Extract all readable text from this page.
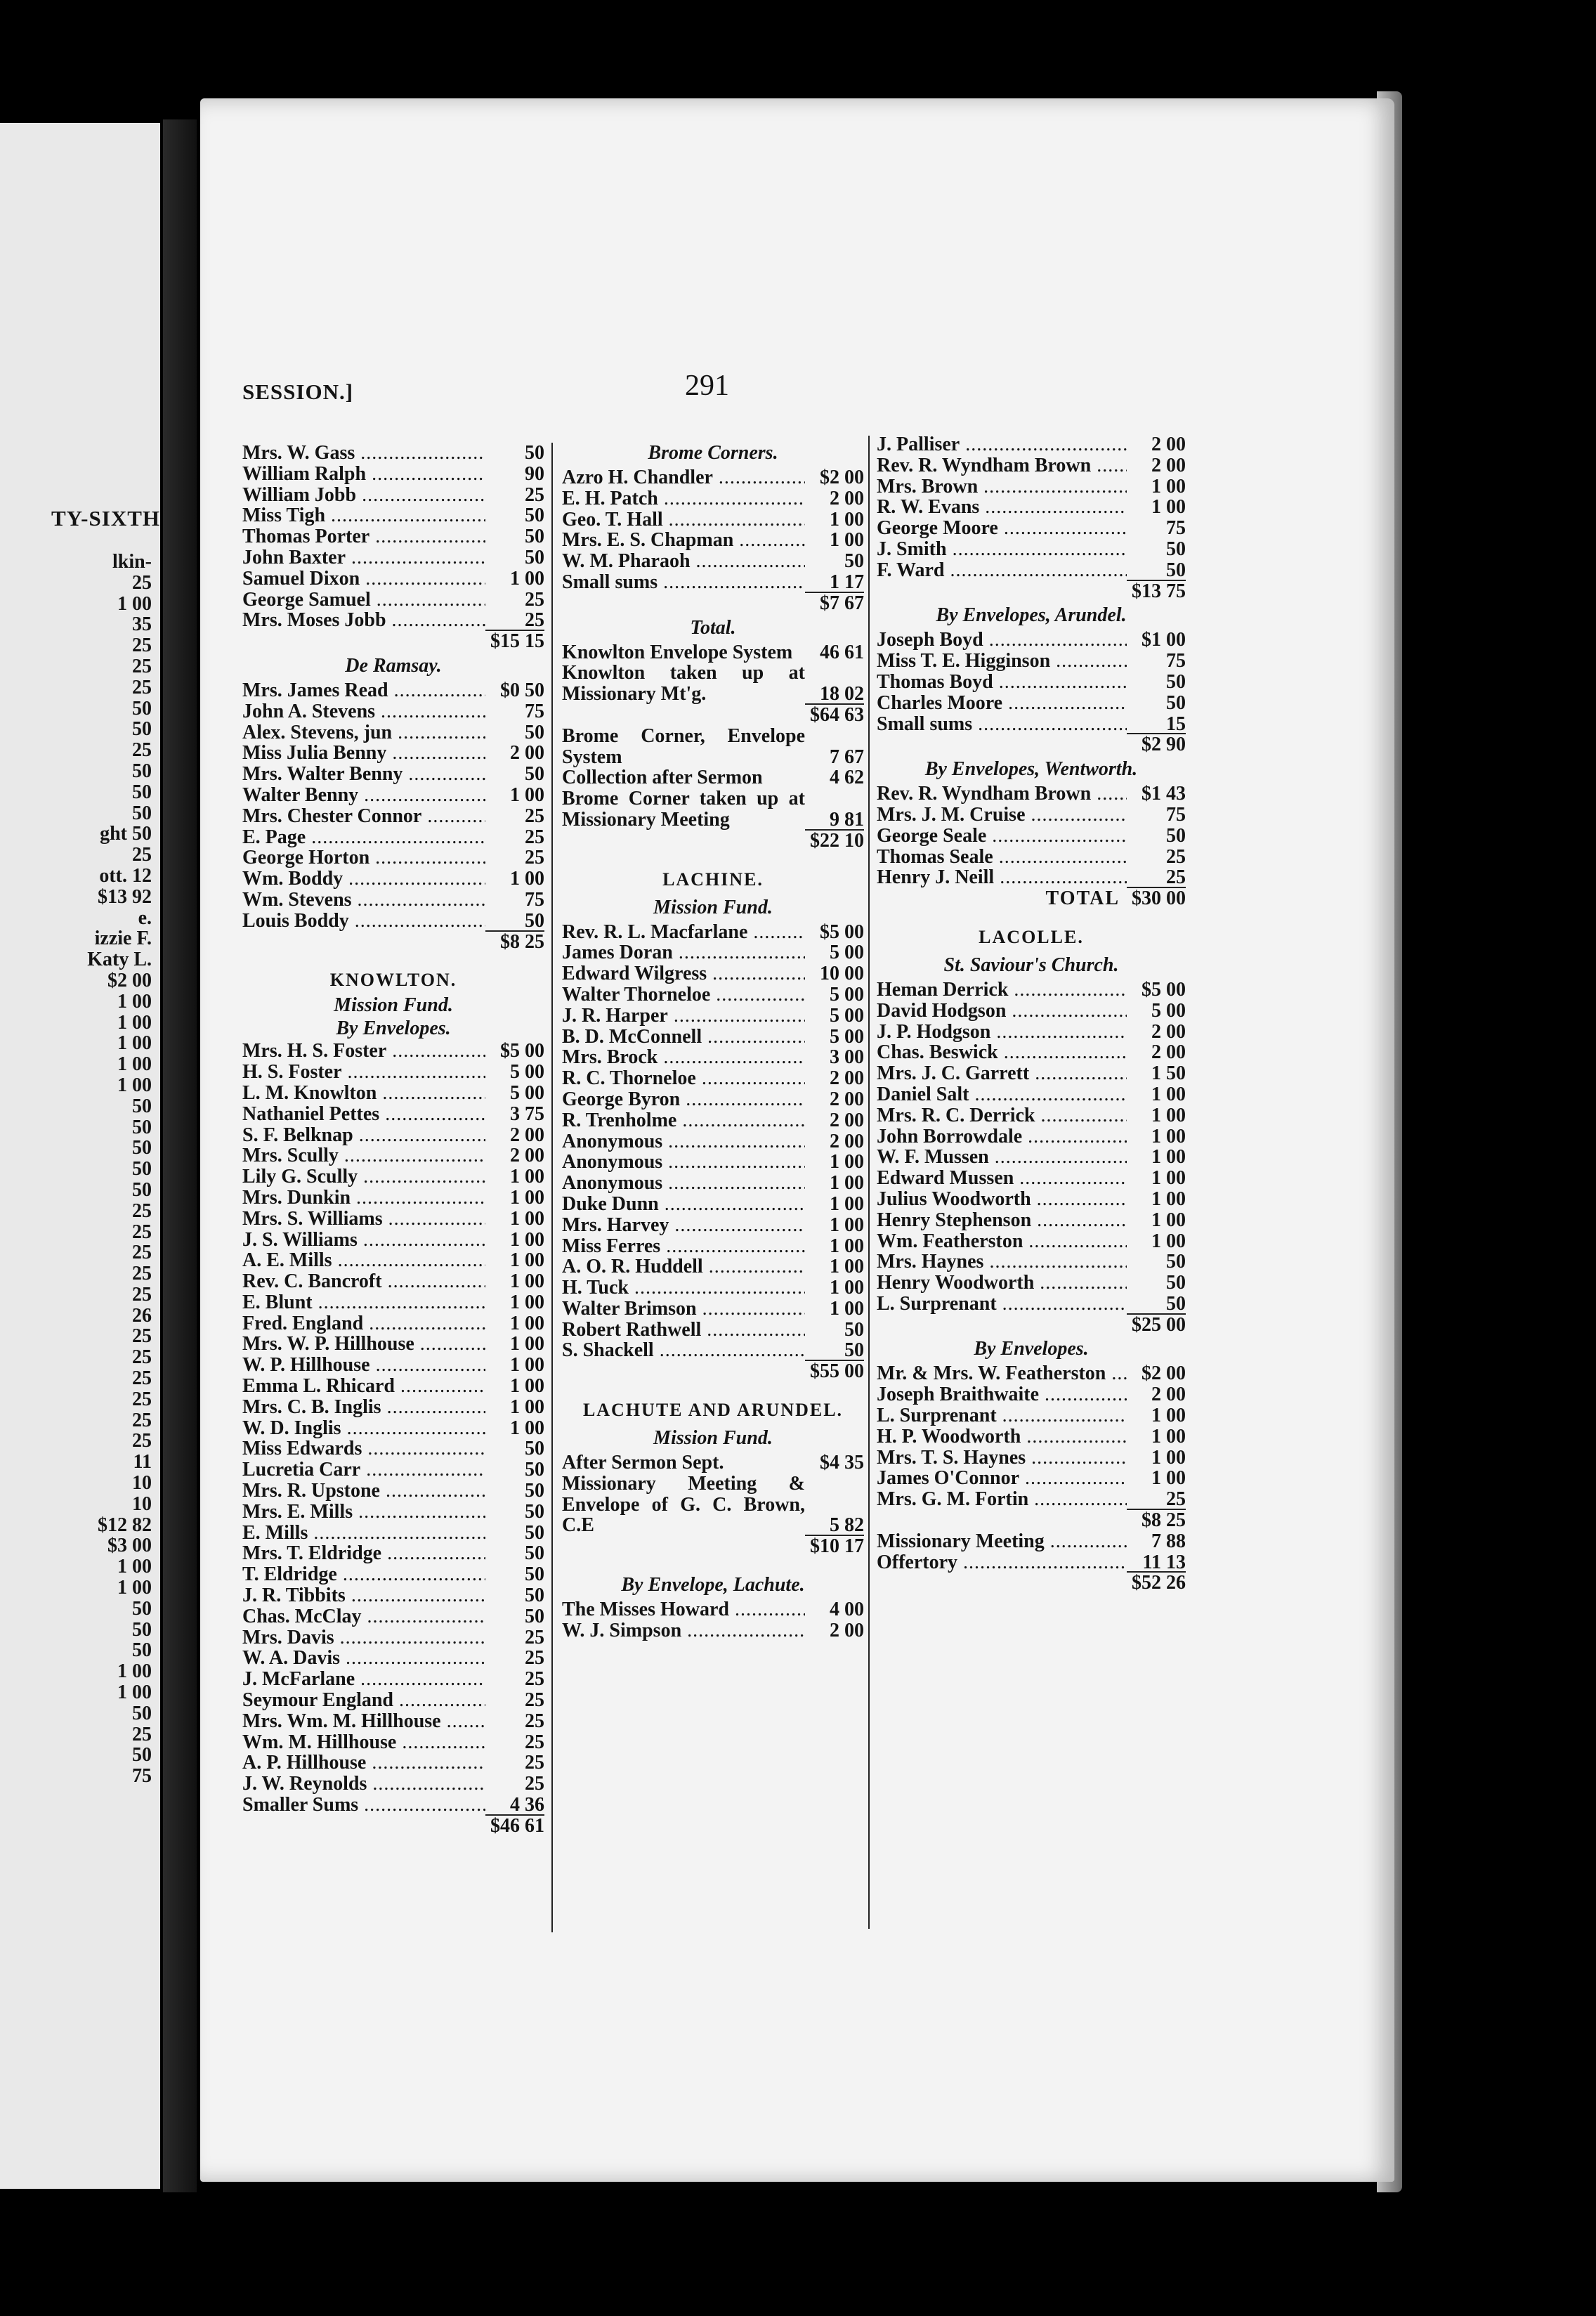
TY-SIXTH
lkin-
25
1 00
35
25
25
25
50
50
25
50
50
50
ght 50
25
ott. 12
$13 92
e.
izzie F.
Katy L.
$2 00
1 00
1 00
1 00
1 00
1 00
50
50
50
50
50
25
25
25
25
25
26
25
25
25
25
25
25
11
10
10
$12 82
$3 00
1 00
1 00
50
50
50
1 00
1 00
50
25
50
75
SESSION.]	291
Mrs. W. Gass .....	50
William Ralph .....	90
William Jobb .....	25
Miss Tigh .....	50
Thomas Porter .....	50
John Baxter .....	50
Samuel Dixon .....	1 00
George Samuel .....	25
Mrs. Moses Jobb .....	25
$15 15
De Ramsay.
Mrs. James Read .....	$0 50
John A. Stevens .....	75
Alex. Stevens, jun .....	50
Miss Julia Benny .....	2 00
Mrs. Walter Benny .....	50
Walter Benny .....	1 00
Mrs. Chester Connor .....	25
E. Page .....	25
George Horton .....	25
Wm. Boddy .....	1 00
Wm. Stevens .....	75
Louis Boddy .....	50
$8 25
KNOWLTON.
Mission Fund.
By Envelopes.
Mrs. H. S. Foster .....	$5 00
H. S. Foster .....	5 00
L. M. Knowlton .....	5 00
Nathaniel Pettes .....	3 75
S. F. Belknap .....	2 00
Mrs. Scully .....	2 00
Lily G. Scully .....	1 00
Mrs. Dunkin .....	1 00
Mrs. S. Williams .....	1 00
J. S. Williams .....	1 00
A. E. Mills .....	1 00
Rev. C. Bancroft .....	1 00
E. Blunt .....	1 00
Fred. England .....	1 00
Mrs. W. P. Hillhouse .....	1 00
W. P. Hillhouse .....	1 00
Emma L. Rhicard .....	1 00
Mrs. C. B. Inglis .....	1 00
W. D. Inglis .....	1 00
Miss Edwards .....	50
Lucretia Carr .....	50
Mrs. R. Upstone .....	50
Mrs. E. Mills .....	50
E. Mills .....	50
Mrs. T. Eldridge .....	50
T. Eldridge .....	50
J. R. Tibbits .....	50
Chas. McClay .....	50
Mrs. Davis .....	25
W. A. Davis .....	25
J. McFarlane .....	25
Seymour England .....	25
Mrs. Wm. M. Hillhouse .....	25
Wm. M. Hillhouse .....	25
A. P. Hillhouse .....	25
J. W. Reynolds .....	25
Smaller Sums .....	4 36
$46 61
Brome Corners.
Azro H. Chandler .....	$2 00
E. H. Patch .....	2 00
Geo. T. Hall .....	1 00
Mrs. E. S. Chapman .....	1 00
W. M. Pharaoh .....	50
Small sums .....	1 17
$7 67
Total.
Knowlton Envelope System	46 61
Knowlton taken up at Missionary Mt'g.	18 02
$64 63
Brome Corner, Envelope System	7 67
Collection after Sermon	4 62
Brome Corner taken up at Missionary Meeting	9 81
$22 10
LACHINE.
Mission Fund.
Rev. R. L. Macfarlane .....	$5 00
James Doran .....	5 00
Edward Wilgress .....	10 00
Walter Thorneloe .....	5 00
J. R. Harper .....	5 00
B. D. McConnell .....	5 00
Mrs. Brock .....	3 00
R. C. Thorneloe .....	2 00
George Byron .....	2 00
R. Trenholme .....	2 00
Anonymous .....	2 00
Anonymous .....	1 00
Anonymous .....	1 00
Duke Dunn .....	1 00
Mrs. Harvey .....	1 00
Miss Ferres .....	1 00
A. O. R. Huddell .....	1 00
H. Tuck .....	1 00
Walter Brimson .....	1 00
Robert Rathwell .....	50
S. Shackell .....	50
$55 00
LACHUTE AND ARUNDEL.
Mission Fund.
After Sermon Sept.	$4 35
Missionary Meeting & Envelope of G. C. Brown, C.E	5 82
$10 17
By Envelope, Lachute.
The Misses Howard .....	4 00
W. J. Simpson .....	2 00
J. Palliser .....	2 00
Rev. R. Wyndham Brown .....	2 00
Mrs. Brown .....	1 00
R. W. Evans .....	1 00
George Moore .....	75
J. Smith .....	50
F. Ward .....	50
$13 75
By Envelopes, Arundel.
Joseph Boyd .....	$1 00
Miss T. E. Higginson .....	75
Thomas Boyd .....	50
Charles Moore .....	50
Small sums .....	15
$2 90
By Envelopes, Wentworth.
Rev. R. Wyndham Brown .....	$1 43
Mrs. J. M. Cruise .....	75
George Seale .....	50
Thomas Seale .....	25
Henry J. Neill .....	25
TOTAL $30 00
LACOLLE.
St. Saviour's Church.
Heman Derrick .....	$5 00
David Hodgson .....	5 00
J. P. Hodgson .....	2 00
Chas. Beswick .....	2 00
Mrs. J. C. Garrett .....	1 50
Daniel Salt .....	1 00
Mrs. R. C. Derrick .....	1 00
John Borrowdale .....	1 00
W. F. Mussen .....	1 00
Edward Mussen .....	1 00
Julius Woodworth .....	1 00
Henry Stephenson .....	1 00
Wm. Featherston .....	1 00
Mrs. Haynes .....	50
Henry Woodworth .....	50
L. Surprenant .....	50
$25 00
By Envelopes.
Mr. & Mrs. W. Featherston .....	$2 00
Joseph Braithwaite .....	2 00
L. Surprenant .....	1 00
H. P. Woodworth .....	1 00
Mrs. T. S. Haynes .....	1 00
James O'Connor .....	1 00
Mrs. G. M. Fortin .....	25
$8 25
Missionary Meeting .....	7 88
Offertory .....	11 13
$52 26
